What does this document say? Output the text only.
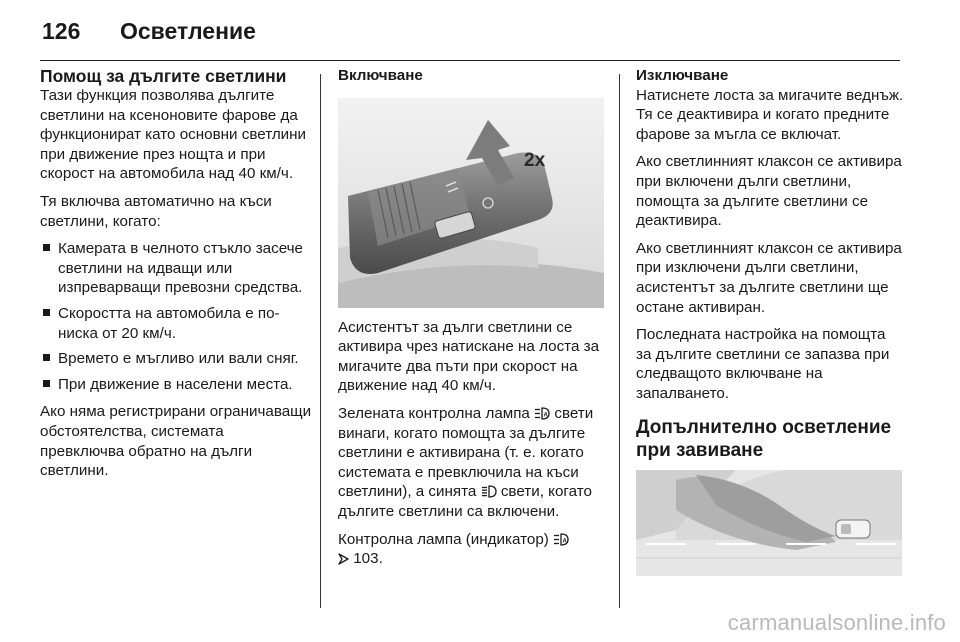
126	Осветление
Помощ за дългите светлини

Тази функция позволява дългите светлини на ксеноновите фарове да функционират като основни светлини при движение през нощта и при скорост на автомобила над 40 км/ч.

Тя включва автоматично на къси светлини, когато:

Камерата в челното стъкло засече светлини на идващи или изпреварващи превозни средства.
Скоростта на автомобила е по-ниска от 20 км/ч.
Времето е мъгливо или вали сняг.
При движение в населени места.

Ако няма регистрирани ограничаващи обстоятелства, системата превключва обратно на дълги светлини.

Включване
2x

Асистентът за дълги светлини се активира чрез натискане на лоста за мигачите два пъти при скорост на движение над 40 км/ч.

Зелената контролна лампа A свети винаги, когато помощта за дългите светлини е активирана (т. е. когато системата е превключила на къси светлини), а синята свети, когато дългите светлини са включени.

Контролна лампа (индикатор) A

103.

Изключване

Натиснете лоста за мигачите веднъж. Тя се деактивира и когато предните фарове за мъгла се включат.

Ако светлинният клаксон се активира при включени дълги светлини, помощта за дългите светлини се деактивира.

Ако светлинният клаксон се активира при изключени дълги светлини, асистентът за дългите светлини ще остане активиран.

Последната настройка на помощта за дългите светлини се запазва при следващото включване на запалването.

Допълнително осветление при завиване
carmanualsonline.info
